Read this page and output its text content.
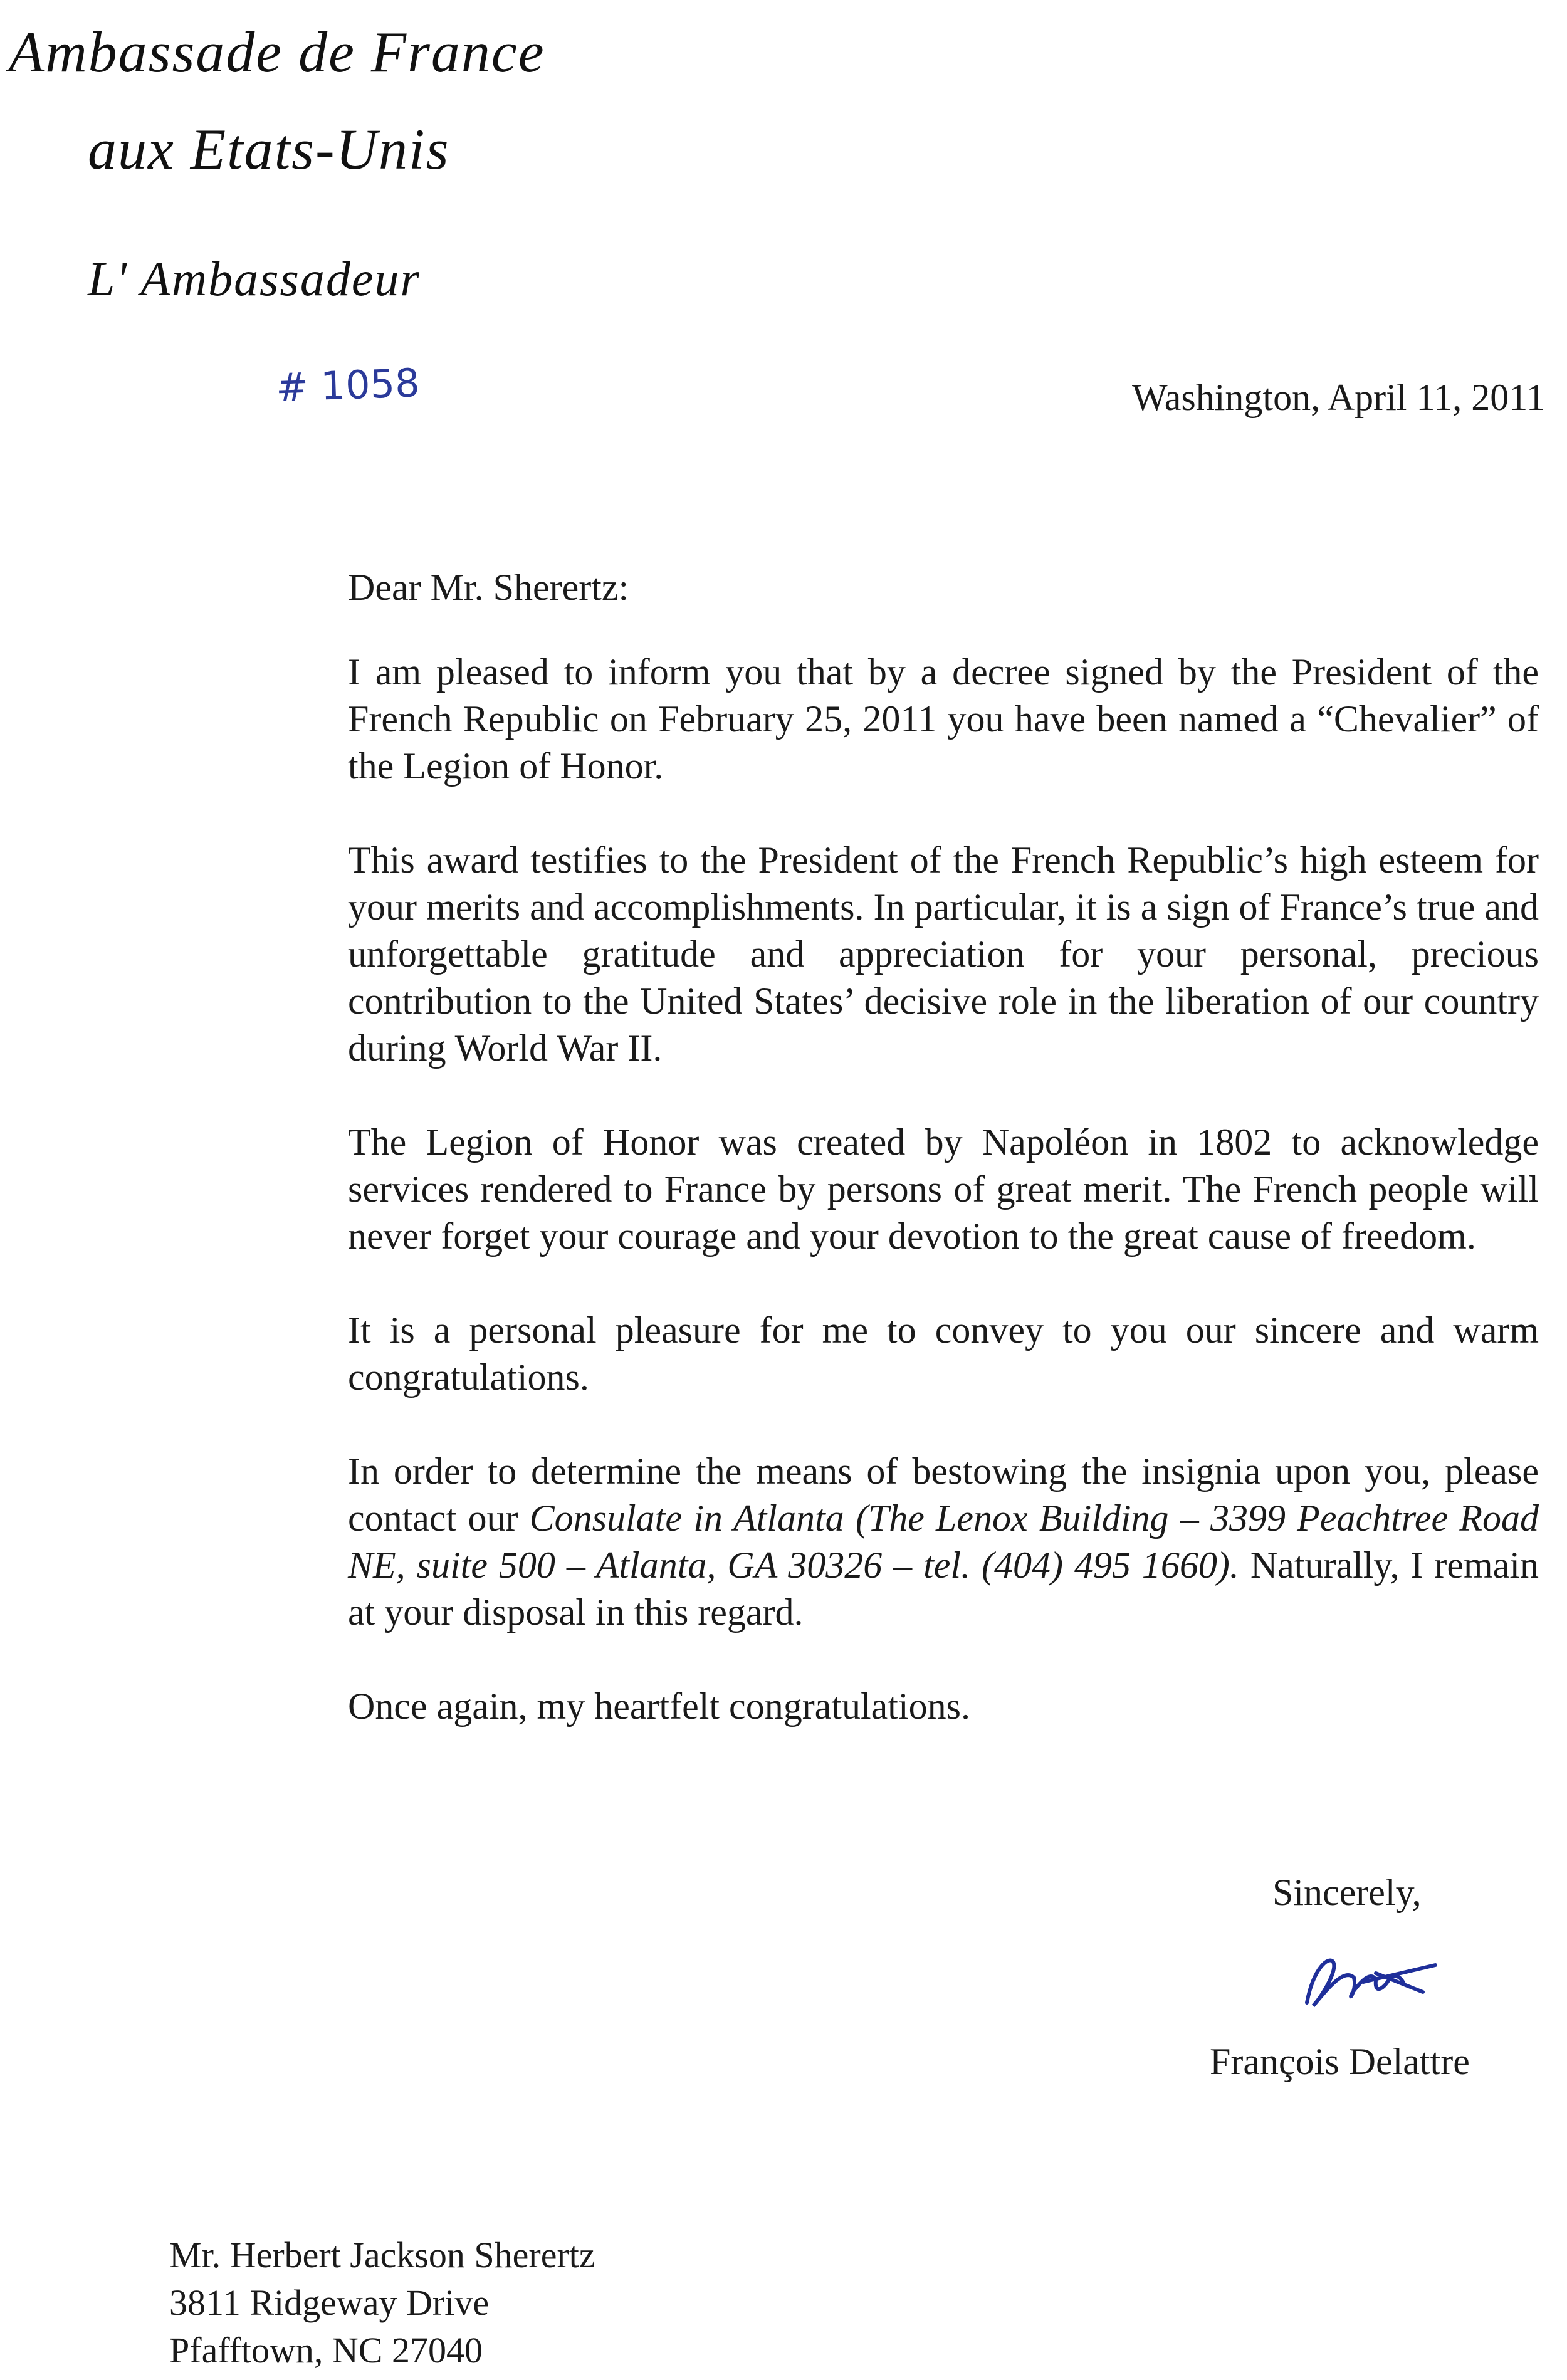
Ambassade de France
aux Etats-Unis
L' Ambassadeur

# 1058	Washington, April 11, 2011

Dear Mr. Sherertz:

I am pleased to inform you that by a decree signed by the President of the French Republic on February 25, 2011 you have been named a “Chevalier” of the Legion of Honor.

This award testifies to the President of the French Republic’s high esteem for your merits and accomplishments. In particular, it is a sign of France’s true and unforgettable gratitude and appreciation for your personal, precious contribution to the United States’ decisive role in the liberation of our country during World War II.

The Legion of Honor was created by Napoléon in 1802 to acknowledge services rendered to France by persons of great merit. The French people will never forget your courage and your devotion to the great cause of freedom.

It is a personal pleasure for me to convey to you our sincere and warm congratulations.

In order to determine the means of bestowing the insignia upon you, please contact our Consulate in Atlanta (The Lenox Building – 3399 Peachtree Road NE, suite 500 – Atlanta, GA 30326 – tel. (404) 495 1660). Naturally, I remain at your disposal in this regard.

Once again, my heartfelt congratulations.

Sincerely,
François Delattre
Mr. Herbert Jackson Sherertz
3811 Ridgeway Drive
Pfafftown, NC 27040
